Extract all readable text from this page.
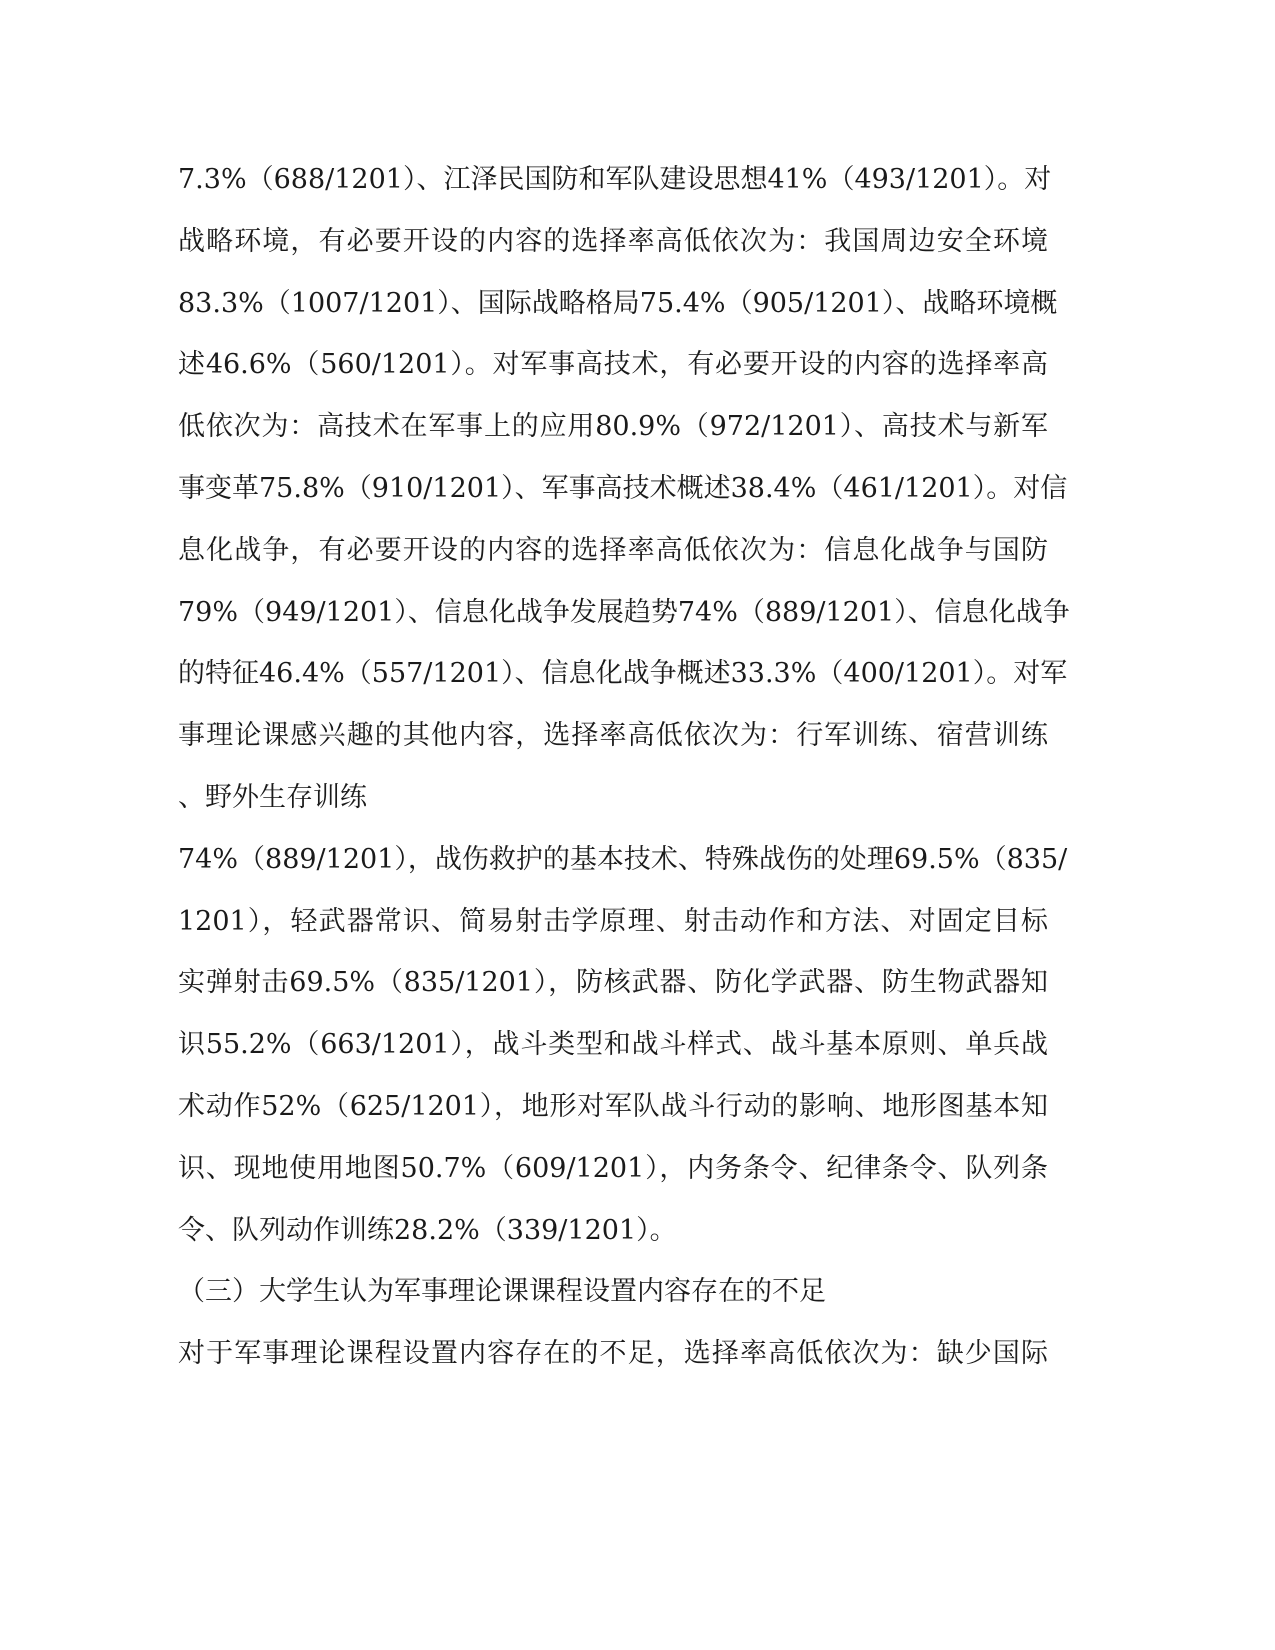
7.3%（688/1201）、江泽民国防和军队建设思想41%（493/1201）。对
战略环境，有必要开设的内容的选择率高低依次为：我国周边安全环境
83.3%（1007/1201）、国际战略格局75.4%（905/1201）、战略环境概
述46.6%（560/1201）。对军事高技术，有必要开设的内容的选择率高
低依次为：高技术在军事上的应用80.9%（972/1201）、高技术与新军
事变革75.8%（910/1201）、军事高技术概述38.4%（461/1201）。对信
息化战争，有必要开设的内容的选择率高低依次为：信息化战争与国防
79%（949/1201）、信息化战争发展趋势74%（889/1201）、信息化战争
的特征46.4%（557/1201）、信息化战争概述33.3%（400/1201）。对军
事理论课感兴趣的其他内容，选择率高低依次为：行军训练、宿营训练
、野外生存训练
74%（889/1201），战伤救护的基本技术、特殊战伤的处理69.5%（835/
1201），轻武器常识、简易射击学原理、射击动作和方法、对固定目标
实弹射击69.5%（835/1201），防核武器、防化学武器、防生物武器知
识55.2%（663/1201），战斗类型和战斗样式、战斗基本原则、单兵战
术动作52%（625/1201），地形对军队战斗行动的影响、地形图基本知
识、现地使用地图50.7%（609/1201），内务条令、纪律条令、队列条
令、队列动作训练28.2%（339/1201）。
（三）大学生认为军事理论课课程设置内容存在的不足
对于军事理论课程设置内容存在的不足，选择率高低依次为：缺少国际
